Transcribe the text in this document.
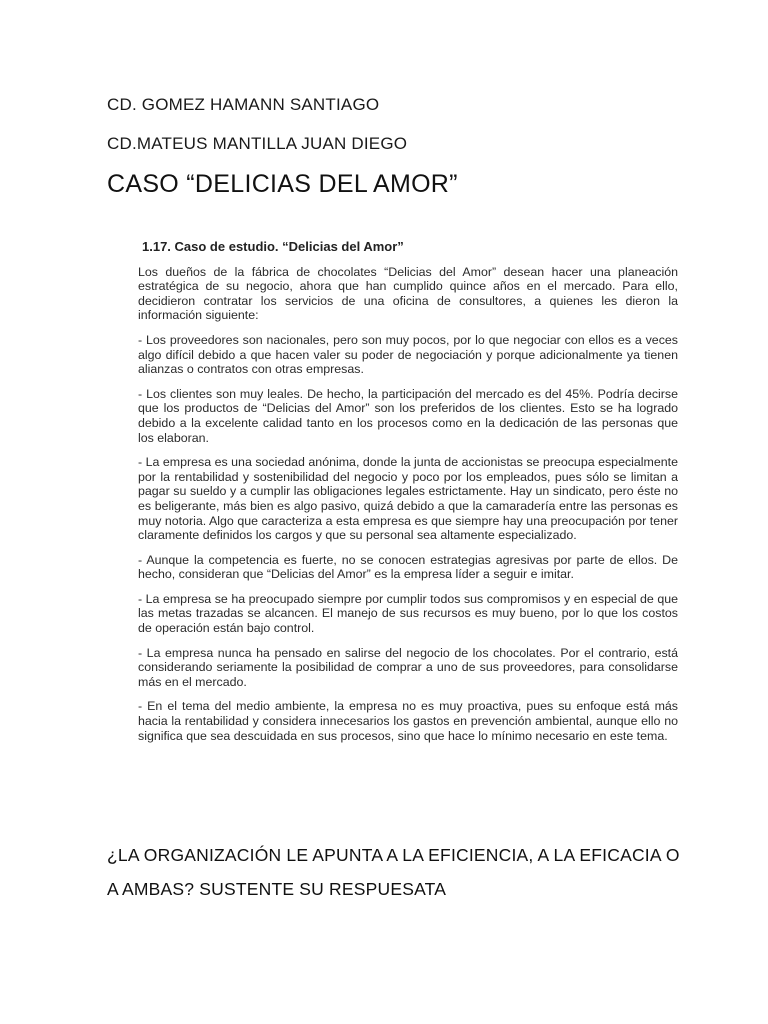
CD. GOMEZ HAMANN SANTIAGO
CD.MATEUS MANTILLA JUAN DIEGO
CASO “DELICIAS DEL AMOR”
1.17. Caso de estudio. “Delicias del Amor”

Los dueños de la fábrica de chocolates “Delicias del Amor” desean hacer una planeación estratégica de su negocio, ahora que han cumplido quince años en el mercado. Para ello, decidieron contratar los servicios de una oficina de consultores, a quienes les dieron la información siguiente:

- Los proveedores son nacionales, pero son muy pocos, por lo que negociar con ellos es a veces algo difícil debido a que hacen valer su poder de negociación y porque adicionalmente ya tienen alianzas o contratos con otras empresas.

- Los clientes son muy leales. De hecho, la participación del mercado es del 45%. Podría decirse que los productos de “Delicias del Amor” son los preferidos de los clientes. Esto se ha logrado debido a la excelente calidad tanto en los procesos como en la dedicación de las personas que los elaboran.

- La empresa es una sociedad anónima, donde la junta de accionistas se preocupa especialmente por la rentabilidad y sostenibilidad del negocio y poco por los empleados, pues sólo se limitan a pagar su sueldo y a cumplir las obligaciones legales estrictamente. Hay un sindicato, pero éste no es beligerante, más bien es algo pasivo, quizá debido a que la camaradería entre las personas es muy notoria. Algo que caracteriza a esta empresa es que siempre hay una preocupación por tener claramente definidos los cargos y que su personal sea altamente especializado.

- Aunque la competencia es fuerte, no se conocen estrategias agresivas por parte de ellos. De hecho, consideran que “Delicias del Amor” es la empresa líder a seguir e imitar.

- La empresa se ha preocupado siempre por cumplir todos sus compromisos y en especial de que las metas trazadas se alcancen. El manejo de sus recursos es muy bueno, por lo que los costos de operación están bajo control.

- La empresa nunca ha pensado en salirse del negocio de los chocolates. Por el contrario, está considerando seriamente la posibilidad de comprar a uno de sus proveedores, para consolidarse más en el mercado.

- En el tema del medio ambiente, la empresa no es muy proactiva, pues su enfoque está más hacia la rentabilidad y considera innecesarios los gastos en prevención ambiental, aunque ello no significa que sea descuidada en sus procesos, sino que hace lo mínimo necesario en este tema.

¿LA ORGANIZACIÓN LE APUNTA A LA EFICIENCIA, A LA EFICACIA O A AMBAS? SUSTENTE SU RESPUESATA
